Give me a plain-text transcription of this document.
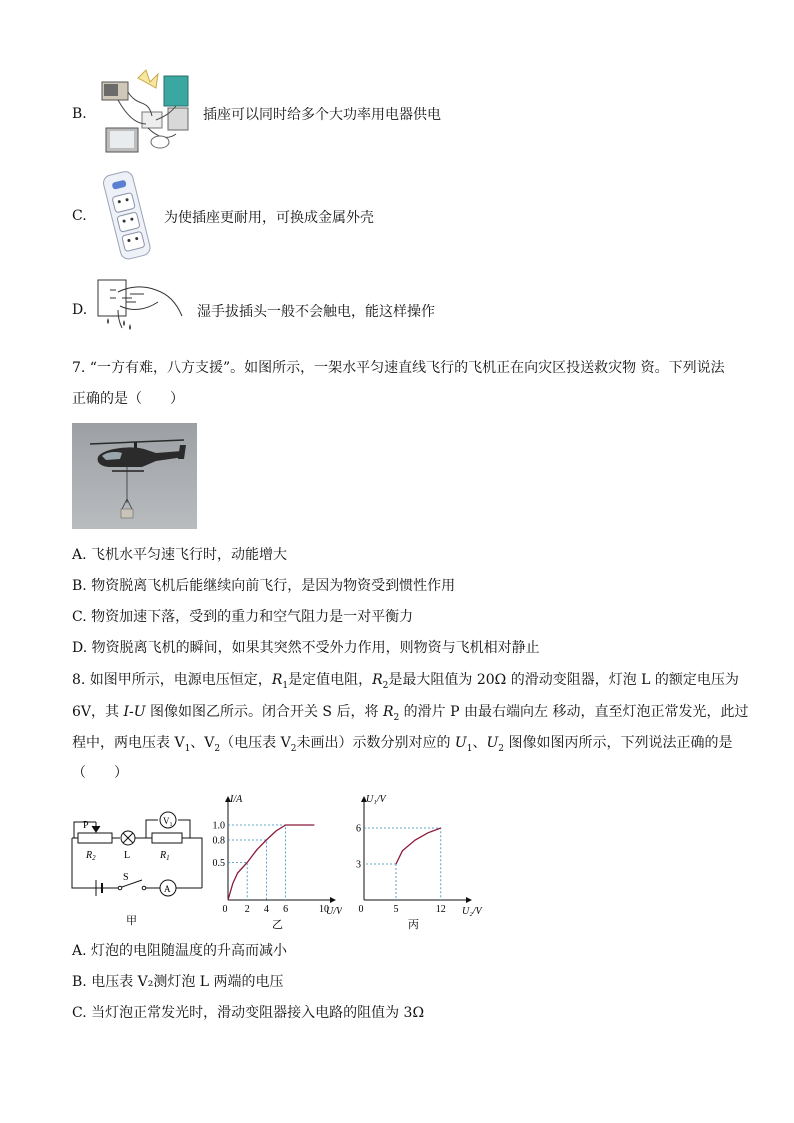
B.	插座可以同时给多个大功率用电器供电
C.	为使插座更耐用，可换成金属外壳
D.	湿手拔插头一般不会触电，能这样操作
7. “一方有难，八方支援”。如图所示，一架水平匀速直线飞行的飞机正在向灾区投送救灾物 资。下列说法
正确的是（　　）
A. 飞机水平匀速飞行时，动能增大
B. 物资脱离飞机后能继续向前飞行，是因为物资受到惯性作用
C. 物资加速下落，受到的重力和空气阻力是一对平衡力
D. 物资脱离飞机的瞬间，如果其突然不受外力作用，则物资与飞机相对静止
8. 如图甲所示，电源电压恒定，$R_1$是定值电阻，$R_2$是最大阻值为 20Ω 的滑动变阻器，灯泡 L 的额定电压为
6V，其 I-U 图像如图乙所示。闭合开关 S 后，将 $R_2$ 的滑片 P 由最右端向左 移动，直至灯泡正常发光，此过
程中，两电压表 $V_1$、$V_2$（电压表 $V_2$未画出）示数分别对应的 $U_1$、$U_2$ 图像如图丙所示，下列说法正确的是
（　　）
P
$R_2$	L	$R_1$
$V_1$
S
A
甲
0 2 4 6	10
0.5
0.8
1.0
I/A
U/V
乙
0	5	12
3
6
U₁/V
U₂/V
丙
A. 灯泡的电阻随温度的升高而减小
B. 电压表 V₂测灯泡 L 两端的电压
C. 当灯泡正常发光时，滑动变阻器接入电路的阻值为 3Ω
